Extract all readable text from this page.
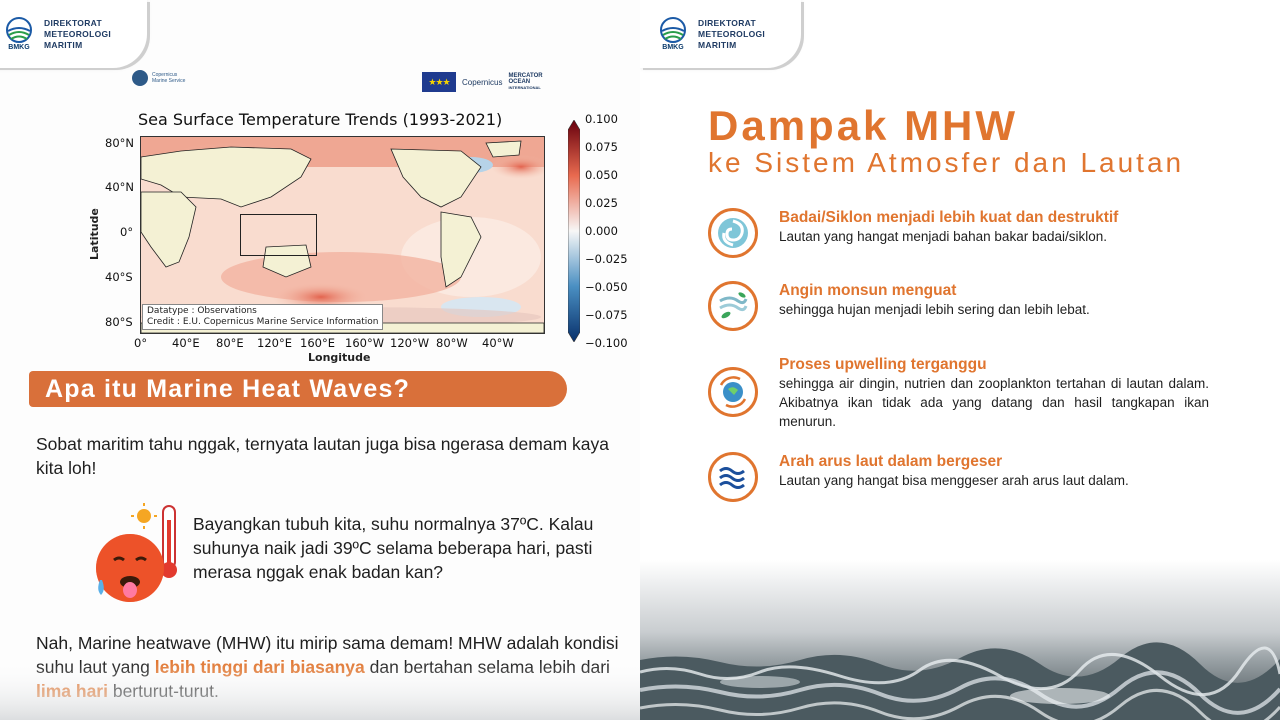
BMKG
DIREKTORAT
METEOROLOGI
MARITIM
Copernicus
Marine Service	★★★ Copernicus
MERCATOR
OCEAN
INTERNATIONAL
Sea Surface Temperature Trends (1993-2021)
Datatype : Observations
Credit : E.U. Copernicus Marine Service Information
Latitude
80°N
40°N
0°
40°S
80°S
0° 40°E 80°E 120°E 160°E 160°W 120°W 80°W 40°W
Longitude
0.100
0.075
0.050
0.025
0.000
−0.025
−0.050
−0.075
−0.100
Apa itu Marine Heat Waves?
Sobat maritim tahu nggak, ternyata lautan juga bisa ngerasa demam kaya kita loh!
Bayangkan tubuh kita, suhu normalnya 37ºC. Kalau suhunya naik jadi 39ºC selama beberapa hari, pasti merasa nggak enak badan kan?
Nah, Marine heatwave (MHW) itu mirip sama demam! MHW adalah kondisi
BMKG
DIREKTORAT
METEOROLOGI
MARITIM
Dampak MHW
ke Sistem Atmosfer dan Lautan
Badai/Siklon menjadi lebih kuat dan destruktif
Lautan yang hangat menjadi bahan bakar badai/siklon.
Angin monsun menguat
sehingga hujan menjadi lebih sering dan lebih lebat.
Proses upwelling terganggu
sehingga air dingin, nutrien dan zooplankton tertahan di lautan dalam. Akibatnya ikan tidak ada yang datang dan hasil tangkapan ikan menurun.
Arah arus laut dalam bergeser
Lautan yang hangat bisa menggeser arah arus laut dalam.
